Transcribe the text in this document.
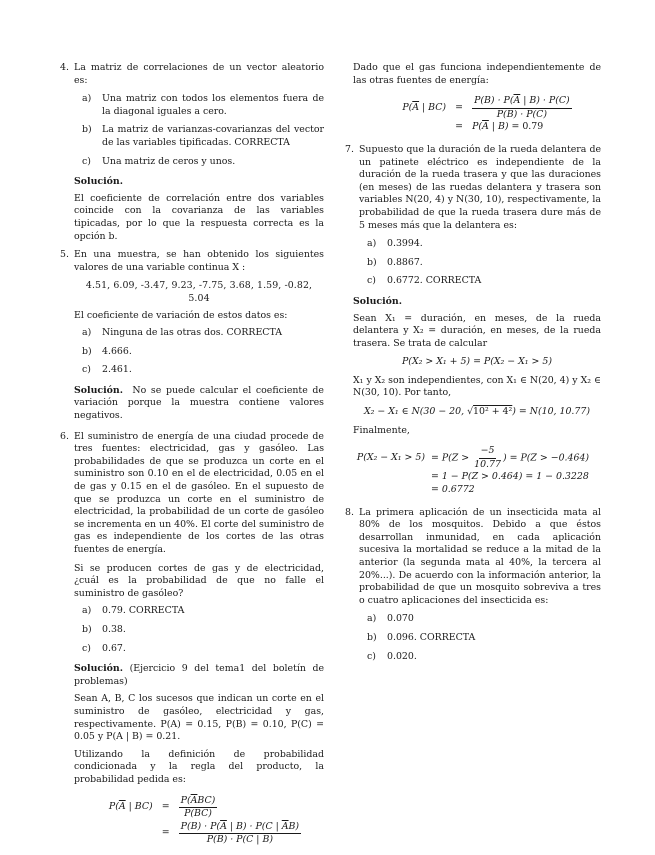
4. La matriz de correlaciones de un vector aleatorio es:
a)	Una matriz con todos los elementos fuera de la diagonal iguales a cero.
b)	La matriz de varianzas-covarianzas del vector de las variables tipificadas. CORRECTA
c)	Una matriz de ceros y unos.
Solución.

El coeficiente de correlación entre dos variables coincide con la covarianza de las variables tipicadas, por lo que la respuesta correcta es la opción b.

5. En una muestra, se han obtenido los siguientes valores de una variable continua X :
4.51, 6.09, -3.47, 9.23, -7.75, 3.68, 1.59, -0.82, 5.04

El coeficiente de variación de estos datos es:

a)	Ninguna de las otras dos. CORRECTA
b)	4.666.
c)	2.461.

Solución. No se puede calcular el coeficiente de variación porque la muestra contiene valores negativos.

6. El suministro de energía de una ciudad procede de tres fuentes: electricidad, gas y gasóleo. Las probabilidades de que se produzca un corte en el suministro son 0.10 en el de electricidad, 0.05 en el de gas y 0.15 en el de gasóleo. En el supuesto de que se produzca un corte en el suministro de electricidad, la probabilidad de un corte de gasóleo se incrementa en un 40%. El corte del suministro de gas es independiente de los cortes de las otras fuentes de energía.

Si se producen cortes de gas y de electricidad, ¿cuál es la probabilidad de que no falle el suministro de gasóleo?

a)	0.79. CORRECTA
b)	0.38.
c)	0.67.

Solución. (Ejercicio 9 del tema1 del boletín de problemas)

Sean A, B, C los sucesos que indican un corte en el suministro de gasóleo, electricidad y gas, respectivamente. P(A) = 0.15, P(B) = 0.10, P(C) = 0.05 y P(A | B) = 0.21.

Utilizando la definición de probabilidad condicionada y la regla del producto, la probabilidad pedida es:

$P(\overline{A}$ | $BC) = \frac{P(\overline{A}BC)}{P(BC)}$
= $\frac{P(B) \cdot P(\overline{A} | B) \cdot P(C | \overline{A}B)}{P(B) \cdot P(C | B)}$

Dado que el gas funciona independientemente de las otras fuentes de energía:

$P(\overline{A}$ | $BC) = \frac{P(B) \cdot P(\overline{A} | B) \cdot P(C)}{P(B) \cdot P(C)}$
= $P(\overline{A}$ | B) = 0.79
7. Supuesto que la duración de la rueda delantera de un patinete eléctrico es independiente de la duración de la rueda trasera y que las duraciones (en meses) de las ruedas delantera y trasera son variables N(20, 4) y N(30, 10), respectivamente, la probabilidad de que la rueda trasera dure más de 5 meses más que la delantera es:
a)	0.3994.
b)	0.8867.
c)	0.6772. CORRECTA
Solución.

Sean X₁ = duración, en meses, de la rueda delantera y X₂ = duración, en meses, de la rueda trasera. Se trata de calcular

P(X₂ > X₁ + 5) = P(X₂ − X₁ > 5)

X₁ y X₂ son independientes, con X₁ ∈ N(20, 4) y X₂ ∈ N(30, 10). Por tanto,

X₂ − X₁ ∈ N(30 − 20, √10² + 4²) = N(10, 10.77)

Finalmente,

$P(X_2 - X_1 > 5) = P(Z > \frac{-5}{10.77}$ ) = P(Z > −0.464)
= 1 − P(Z > 0.464) = 1 − 0.3228
= 0.6772
8. La primera aplicación de un insecticida mata al 80% de los mosquitos. Debido a que éstos desarrollan inmunidad, en cada aplicación sucesiva la mortalidad se reduce a la mitad de la anterior (la segunda mata al 40%, la tercera al 20%...). De acuerdo con la información anterior, la probabilidad de que un mosquito sobreviva a tres o cuatro aplicaciones del insecticida es:
a)	0.070
b)	0.096. CORRECTA
c)	0.020.
